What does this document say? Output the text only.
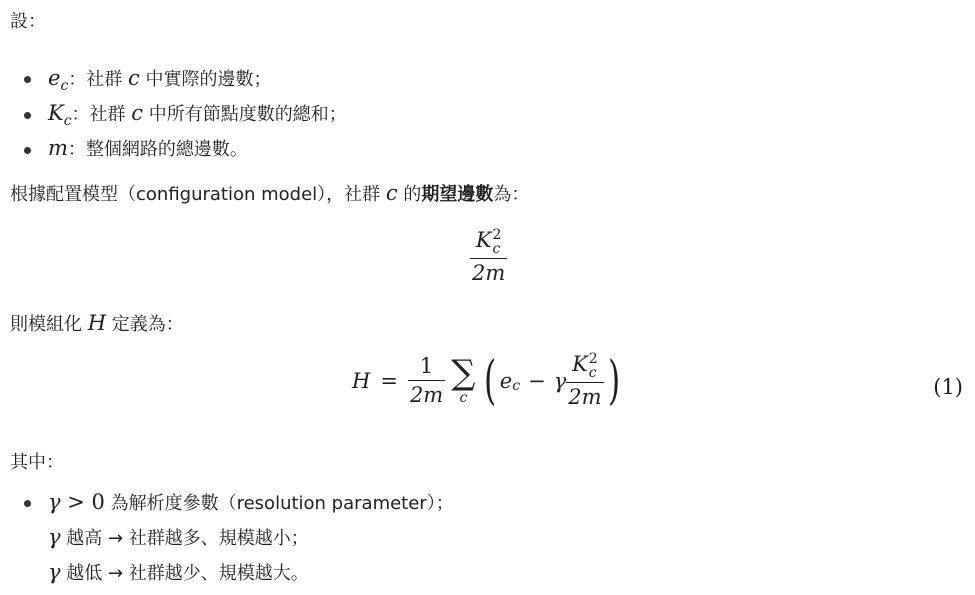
設：
$e_c$：社群 c 中實際的邊數；
$K_c$：社群 c 中所有節點度數的總和；
m：整個網路的總邊數。
根據配置模型（configuration model），社群 c 的期望邊數為：
K 2
c
2m
則模組化 H 定義為：
$H = \frac{1}{2m}$ ∑
c ( e c − γ K 2
c
2m )	(1)
其中：
γ > 0 為解析度參數（resolution parameter）；
γ 越高 → 社群越多、規模越小；
γ 越低 → 社群越少、規模越大。
